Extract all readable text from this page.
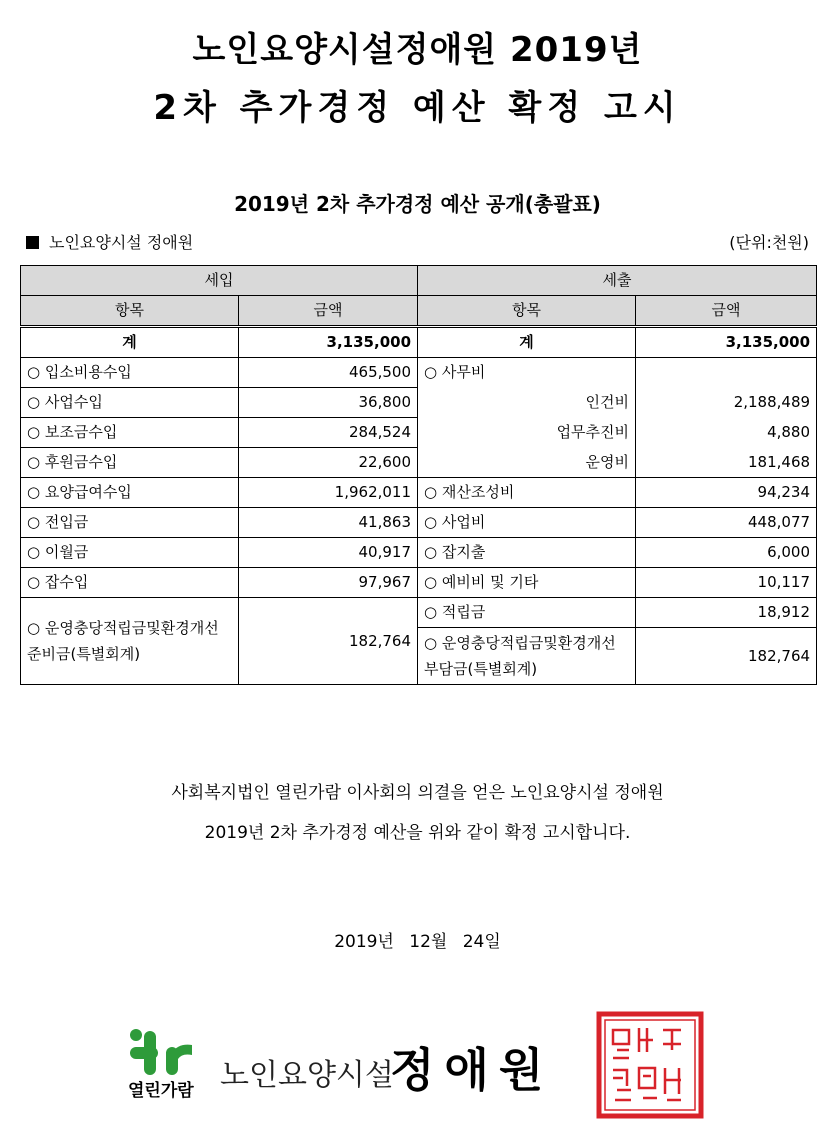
노인요양시설정애원 2019년
2차 추가경정 예산 확정 고시
2019년 2차 추가경정 예산 공개(총괄표)
노인요양시설 정애원	(단위:천원)
세입		세출	
항목	금액	항목	금액
계	3,135,000	계	3,135,000
○ 입소비용수입	465,500	○ 사무비	
○ 사업수입	36,800	인건비	2,188,489
○ 보조금수입	284,524	업무추진비	4,880
○ 후원금수입	22,600	운영비	181,468
○ 요양급여수입	1,962,011	○ 재산조성비	94,234
○ 전입금	41,863	○ 사업비	448,077
○ 이월금	40,917	○ 잡지출	6,000
○ 잡수입	97,967	○ 예비비 및 기타	10,117
○ 운영충당적립금및환경개선준비금(특별회계)	182,764	○ 적립금	18,912
		○ 운영충당적립금및환경개선부담금(특별회계)	182,764
사회복지법인 열린가람 이사회의 의결을 얻은 노인요양시설 정애원
2019년 2차 추가경정 예산을 위와 같이 확정 고시합니다.
2019년 12월 24일
열린가람 노인요양시설
정애원
